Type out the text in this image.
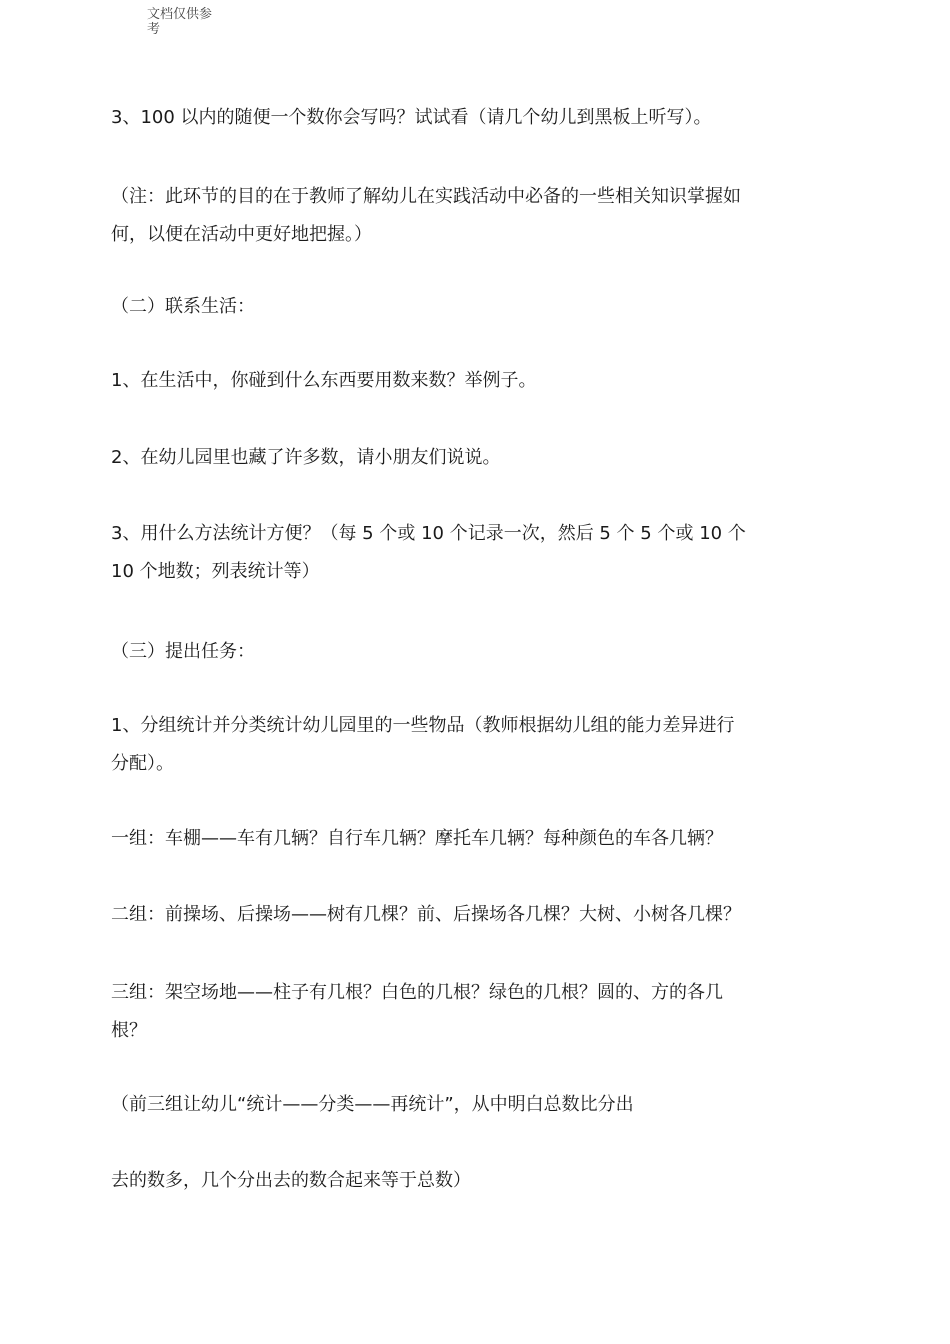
文档仅供参
考
3、100 以内的随便一个数你会写吗？试试看（请几个幼儿到黑板上听写）。
（注：此环节的目的在于教师了解幼儿在实践活动中必备的一些相关知识掌握如
何，以便在活动中更好地把握。）
（二）联系生活：
1、在生活中，你碰到什么东西要用数来数？举例子。
2、在幼儿园里也藏了许多数，请小朋友们说说。
3、用什么方法统计方便？（每 5 个或 10 个记录一次，然后 5 个 5 个或 10 个
10 个地数；列表统计等）
（三）提出任务：
1、分组统计并分类统计幼儿园里的一些物品（教师根据幼儿组的能力差异进行
分配）。
一组：车棚——车有几辆？自行车几辆？摩托车几辆？每种颜色的车各几辆？
二组：前操场、后操场——树有几棵？前、后操场各几棵？大树、小树各几棵？
三组：架空场地——柱子有几根？白色的几根？绿色的几根？圆的、方的各几
根？
（前三组让幼儿“统计——分类——再统计”，从中明白总数比分出
去的数多，几个分出去的数合起来等于总数）
